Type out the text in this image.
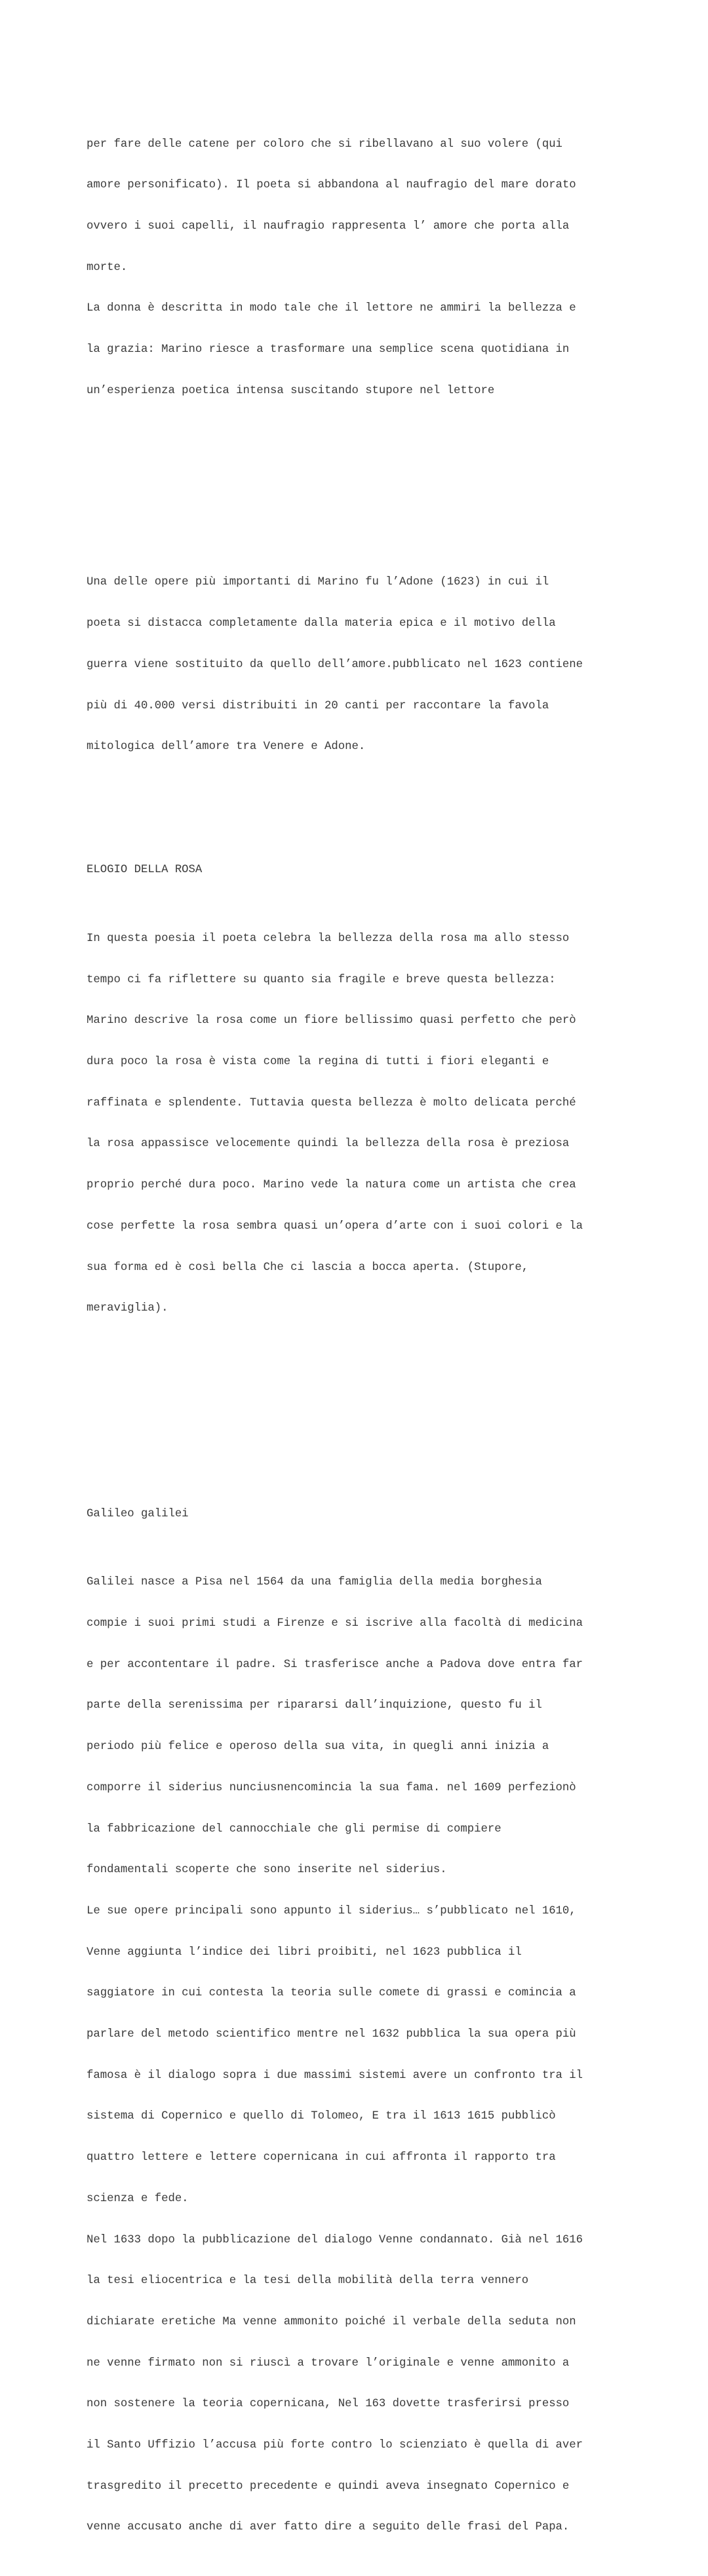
per fare delle catene per coloro che si ribellavano al suo volere (qui

amore personificato). Il poeta si abbandona al naufragio del mare dorato

ovvero i suoi capelli, il naufragio rappresenta l’ amore che porta alla

morte.

La donna è descritta in modo tale che il lettore ne ammiri la bellezza e

la grazia: Marino riesce a trasformare una semplice scena quotidiana in

un’esperienza poetica intensa suscitando stupore nel lettore

Una delle opere più importanti di Marino fu l’Adone (1623) in cui il

poeta si distacca completamente dalla materia epica e il motivo della

guerra viene sostituito da quello dell’amore.pubblicato nel 1623 contiene

più di 40.000 versi distribuiti in 20 canti per raccontare la favola

mitologica dell’amore tra Venere e Adone.

ELOGIO DELLA ROSA

In questa poesia il poeta celebra la bellezza della rosa ma allo stesso

tempo ci fa riflettere su quanto sia fragile e breve questa bellezza:

Marino descrive la rosa come un fiore bellissimo quasi perfetto che però

dura poco la rosa è vista come la regina di tutti i fiori eleganti e

raffinata e splendente. Tuttavia questa bellezza è molto delicata perché

la rosa appassisce velocemente quindi la bellezza della rosa è preziosa

proprio perché dura poco. Marino vede la natura come un artista che crea

cose perfette la rosa sembra quasi un’opera d’arte con i suoi colori e la

sua forma ed è così bella Che ci lascia a bocca aperta. (Stupore,

meraviglia).

Galileo galilei

Galilei nasce a Pisa nel 1564 da una famiglia della media borghesia

compie i suoi primi studi a Firenze e si iscrive alla facoltà di medicina

e per accontentare il padre. Si trasferisce anche a Padova dove entra far

parte della serenissima per ripararsi dall’inquizione, questo fu il

periodo più felice e operoso della sua vita, in quegli anni inizia a

comporre il siderius nunciusnencomincia la sua fama. nel 1609 perfezionò

la fabbricazione del cannocchiale che gli permise di compiere

fondamentali scoperte che sono inserite nel siderius.

Le sue opere principali sono appunto il siderius… s’pubblicato nel 1610,

Venne aggiunta l’indice dei libri proibiti, nel 1623 pubblica il

saggiatore in cui contesta la teoria sulle comete di grassi e comincia a

parlare del metodo scientifico mentre nel 1632 pubblica la sua opera più

famosa è il dialogo sopra i due massimi sistemi avere un confronto tra il

sistema di Copernico e quello di Tolomeo, E tra il 1613 1615 pubblicò

quattro lettere e lettere copernicana in cui affronta il rapporto tra

scienza e fede.

Nel 1633 dopo la pubblicazione del dialogo Venne condannato. Già nel 1616

la tesi eliocentrica e la tesi della mobilità della terra vennero

dichiarate eretiche Ma venne ammonito poiché il verbale della seduta non

ne venne firmato non si riuscì a trovare l’originale e venne ammonito a

non sostenere la teoria copernicana, Nel 163 dovette trasferirsi presso

il Santo Uffizio l’accusa più forte contro lo scienziato è quella di aver

trasgredito il precetto precedente e quindi aveva insegnato Copernico e

venne accusato anche di aver fatto dire a seguito delle frasi del Papa.
